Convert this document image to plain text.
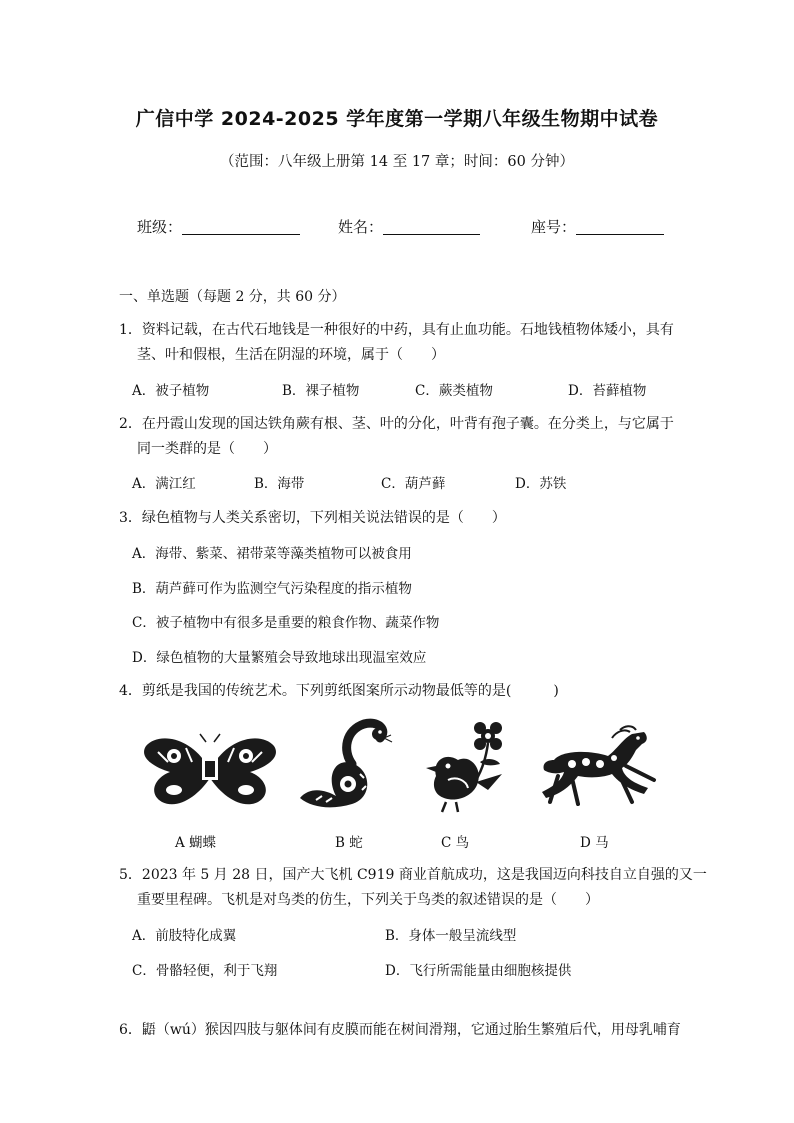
广信中学 2024-2025 学年度第一学期八年级生物期中试卷
（范围：八年级上册第 14 至 17 章；时间：60 分钟）
班级：	姓名：	座号：
一、单选题（每题 2 分，共 60 分）
1．资料记载，在古代石地钱是一种很好的中药，具有止血功能。石地钱植物体矮小，具有
茎、叶和假根，生活在阴湿的环境，属于（　　）
A．被子植物	B．裸子植物	C．蕨类植物	D．苔藓植物
2．在丹霞山发现的国达铁角蕨有根、茎、叶的分化，叶背有孢子囊。在分类上，与它属于
同一类群的是（　　）
A．满江红	B．海带	C．葫芦藓	D．苏铁
3．绿色植物与人类关系密切，下列相关说法错误的是（　　）
A．海带、紫菜、裙带菜等藻类植物可以被食用
B．葫芦藓可作为监测空气污染程度的指示植物
C．被子植物中有很多是重要的粮食作物、蔬菜作物
D．绿色植物的大量繁殖会导致地球出现温室效应
4．剪纸是我国的传统艺术。下列剪纸图案所示动物最低等的是(　　　)
A 蝴蝶	B 蛇	C 鸟	D 马
5．2023 年 5 月 28 日，国产大飞机 C919 商业首航成功，这是我国迈向科技自立自强的又一
重要里程碑。飞机是对鸟类的仿生，下列关于鸟类的叙述错误的是（　　）
A．前肢特化成翼	B．身体一般呈流线型
C．骨骼轻便，利于飞翔	D．飞行所需能量由细胞核提供
6．鼯（wú）猴因四肢与躯体间有皮膜而能在树间滑翔，它通过胎生繁殖后代，用母乳哺育
